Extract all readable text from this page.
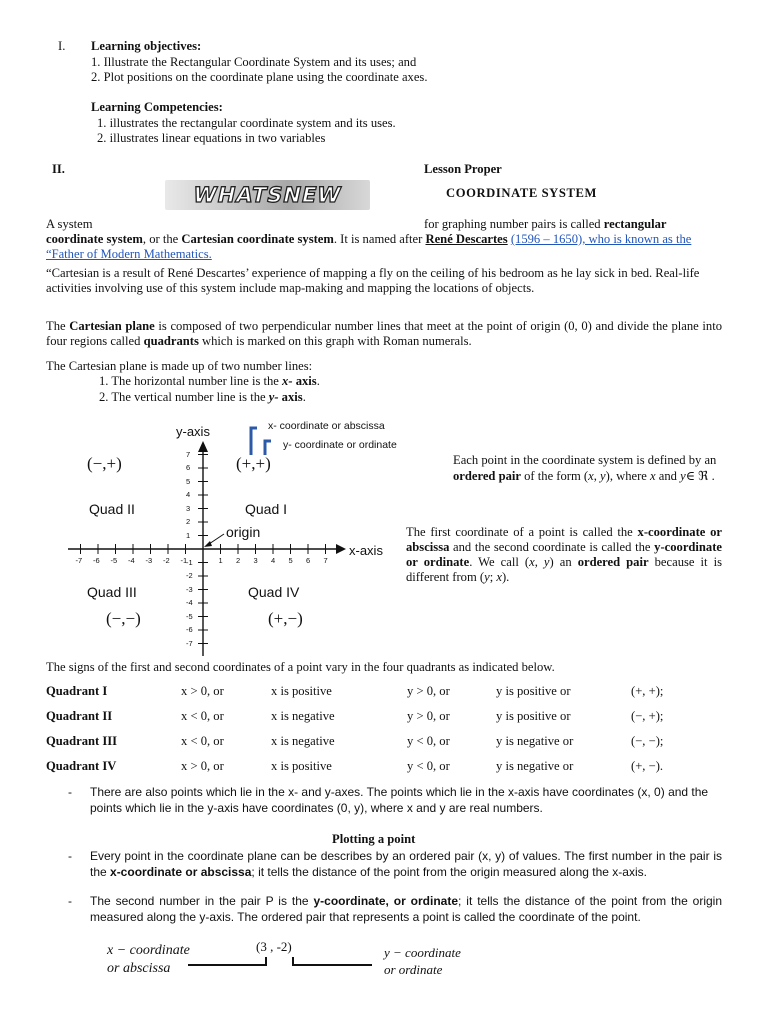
I. Learning objectives:
1. Illustrate the Rectangular Coordinate System and its uses; and
2. Plot positions on the coordinate plane using the coordinate axes.
Learning Competencies:
1. illustrates the rectangular coordinate system and its uses.
2. illustrates linear equations in two variables
II.	Lesson Proper
WHATSNEW	COORDINATE SYSTEM
A system	for graphing number pairs is called rectangular coordinate system, or the Cartesian coordinate system. It is named after René Descartes (1596 – 1650), who is known as the “Father of Modern Mathematics.

“Cartesian is a result of René Descartes’ experience of mapping a fly on the ceiling of his bedroom as he lay sick in bed. Real-life activities involving use of this system include map-making and mapping the locations of objects.

The Cartesian plane is composed of two perpendicular number lines that meet at the point of origin (0, 0) and divide the plane into four regions called quadrants which is marked on this graph with Roman numerals.

The Cartesian plane is made up of two number lines:
1. The horizontal number line is the x- axis.
2. The vertical number line is the y- axis.
y-axis
x-axis
x- coordinate or abscissa
y- coordinate or ordinate
origin
Quad II	Quad I
Quad III	Quad IV
(−,+)	(+,+)
(−,−)	(+,−)
-7 -6 -5 -4 -3 -2 -1	1 2 3 4 5 6 7
7
6
5
4
3
2
1
-1
-2
-3
-4
-5
-6
-7

Each point in the coordinate system is defined by an ordered pair of the form (x, y), where x and y∈ ℜ .

The first coordinate of a point is called the x-coordinate or abscissa and the second coordinate is called the y-coordinate or ordinate. We call (x, y) an ordered pair because it is different from (y; x).

The signs of the first and second coordinates of a point vary in the four quadrants as indicated below.
Quadrant I	x > 0, or	x is positive	y > 0, or	y is positive or	(+, +);
Quadrant II	x < 0, or	x is negative	y > 0, or	y is positive or	(−, +);
Quadrant III	x < 0, or	x is negative	y < 0, or	y is negative or	(−, −);
Quadrant IV	x > 0, or	x is positive	y < 0, or	y is negative or	(+, −).
- There are also points which lie in the x- and y-axes. The points which lie in the x-axis have coordinates (x, 0) and the points which lie in the y-axis have coordinates (0, y), where x and y are real numbers.

Plotting a point
- Every point in the coordinate plane can be describes by an ordered pair (x, y) of values. The first number in the pair is the x-coordinate or abscissa; it tells the distance of the point from the origin measured along the x-axis.

- The second number in the pair P is the y-coordinate, or ordinate; it tells the distance of the point from the origin measured along the y-axis. The ordered pair that represents a point is called the coordinate of the point.

(3 , -2)
x − coordinate
or abscissa
y − coordinate
or ordinate
